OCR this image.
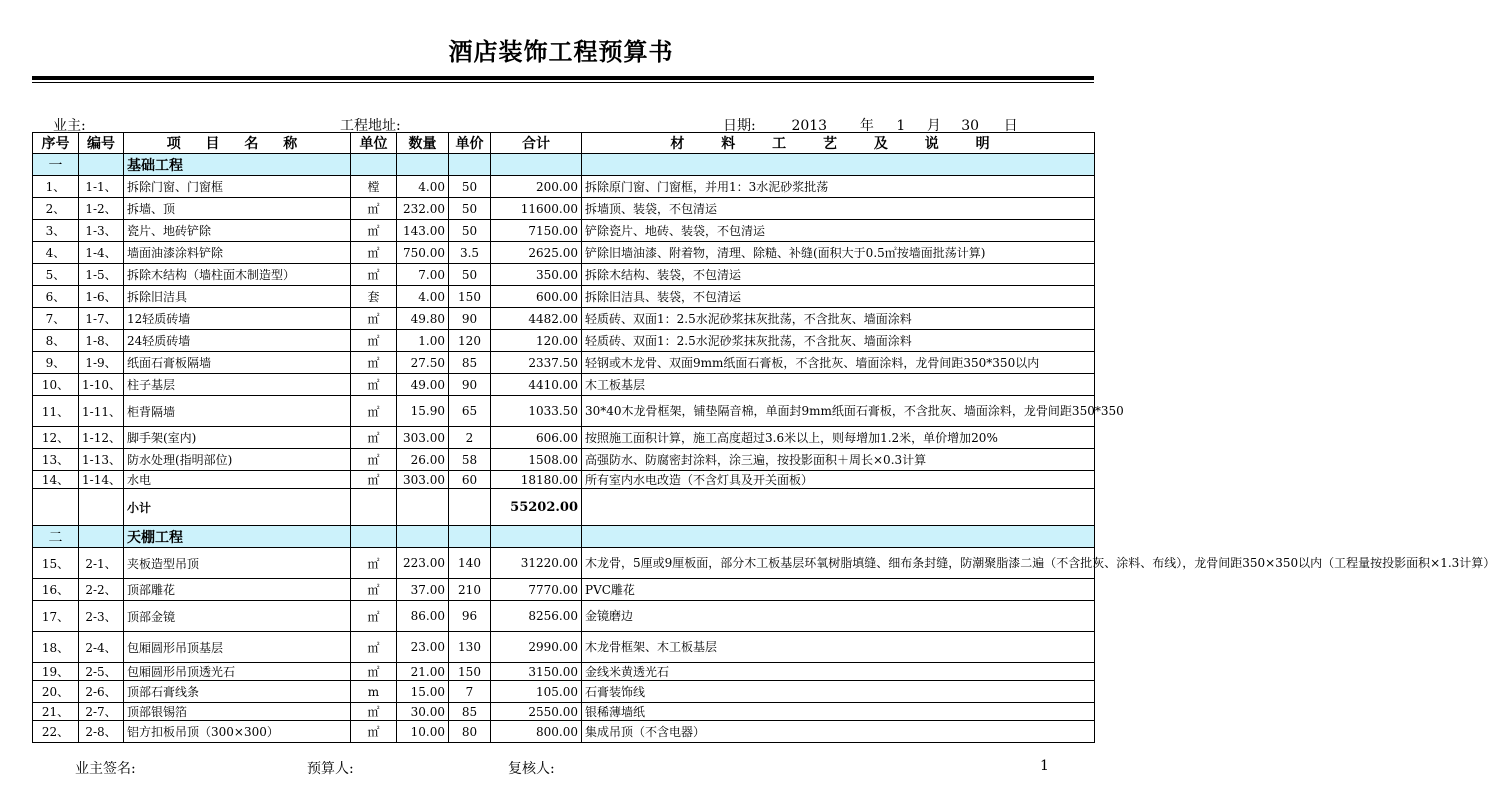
酒店装饰工程预算书
业主:	工程地址:	日期:	2013 年 1 月 30 日
序号	编号	项 目 名 称	单位	数量	单价	合计	材 料 工 艺 及 说 明
一		基础工程					
1、	1-1、	拆除门窗、门窗框	樘	4.00	50	200.00	拆除原门窗、门窗框，并用1：3水泥砂浆批荡
2、	1-2、	拆墙、顶	㎡	232.00	50	11600.00	拆墙顶、装袋，不包清运
3、	1-3、	瓷片、地砖铲除	㎡	143.00	50	7150.00	铲除瓷片、地砖、装袋，不包清运
4、	1-4、	墙面油漆涂料铲除	㎡	750.00	3.5	2625.00	铲除旧墙油漆、附着物，清理、除糙、补缝(面积大于0.5㎡按墙面批荡计算)
5、	1-5、	拆除木结构（墙柱面木制造型）	㎡	7.00	50	350.00	拆除木结构、装袋，不包清运
6、	1-6、	拆除旧洁具	套	4.00	150	600.00	拆除旧洁具、装袋，不包清运
7、	1-7、	12轻质砖墙	㎡	49.80	90	4482.00	轻质砖、双面1：2.5水泥砂浆抹灰批荡，不含批灰、墙面涂料
8、	1-8、	24轻质砖墙	㎡	1.00	120	120.00	轻质砖、双面1：2.5水泥砂浆抹灰批荡，不含批灰、墙面涂料
9、	1-9、	纸面石膏板隔墙	㎡	27.50	85	2337.50	轻钢或木龙骨、双面9mm纸面石膏板，不含批灰、墙面涂料，龙骨间距350*350以内
10、	1-10、	柱子基层	㎡	49.00	90	4410.00	木工板基层
11、	1-11、	柜背隔墙	㎡	15.90	65	1033.50	30*40木龙骨框架，铺垫隔音棉，单面封9mm纸面石膏板，不含批灰、墙面涂料，龙骨间距350*350
12、	1-12、	脚手架(室内)	㎡	303.00	2	606.00	按照施工面积计算，施工高度超过3.6米以上，则每增加1.2米，单价增加20%
13、	1-13、	防水处理(指明部位)	㎡	26.00	58	1508.00	高强防水、防腐密封涂料，涂三遍，按投影面积＋周长×0.3计算
14、	1-14、	水电	㎡	303.00	60	18180.00	所有室内水电改造（不含灯具及开关面板）
		小计				55202.00	
二		天棚工程					
15、	2-1、	夹板造型吊顶	㎡	223.00	140	31220.00	木龙骨，5厘或9厘板面，部分木工板基层环氧树脂填缝、细布条封缝，防潮聚脂漆二遍（不含批灰、涂料、布线），龙骨间距350×350以内（工程量按投影面积×1.3计算）
16、	2-2、	顶部雕花	㎡	37.00	210	7770.00	PVC雕花
17、	2-3、	顶部金镜	㎡	86.00	96	8256.00	金镜磨边
18、	2-4、	包厢圆形吊顶基层	㎡	23.00	130	2990.00	木龙骨框架、木工板基层
19、	2-5、	包厢圆形吊顶透光石	㎡	21.00	150	3150.00	金线米黄透光石
20、	2-6、	顶部石膏线条	m	15.00	7	105.00	石膏装饰线
21、	2-7、	顶部银锡箔	㎡	30.00	85	2550.00	银稀薄墙纸
22、	2-8、	铝方扣板吊顶（300×300）	㎡	10.00	80	800.00	集成吊顶（不含电器）
业主签名:	预算人:	复核人:	1
